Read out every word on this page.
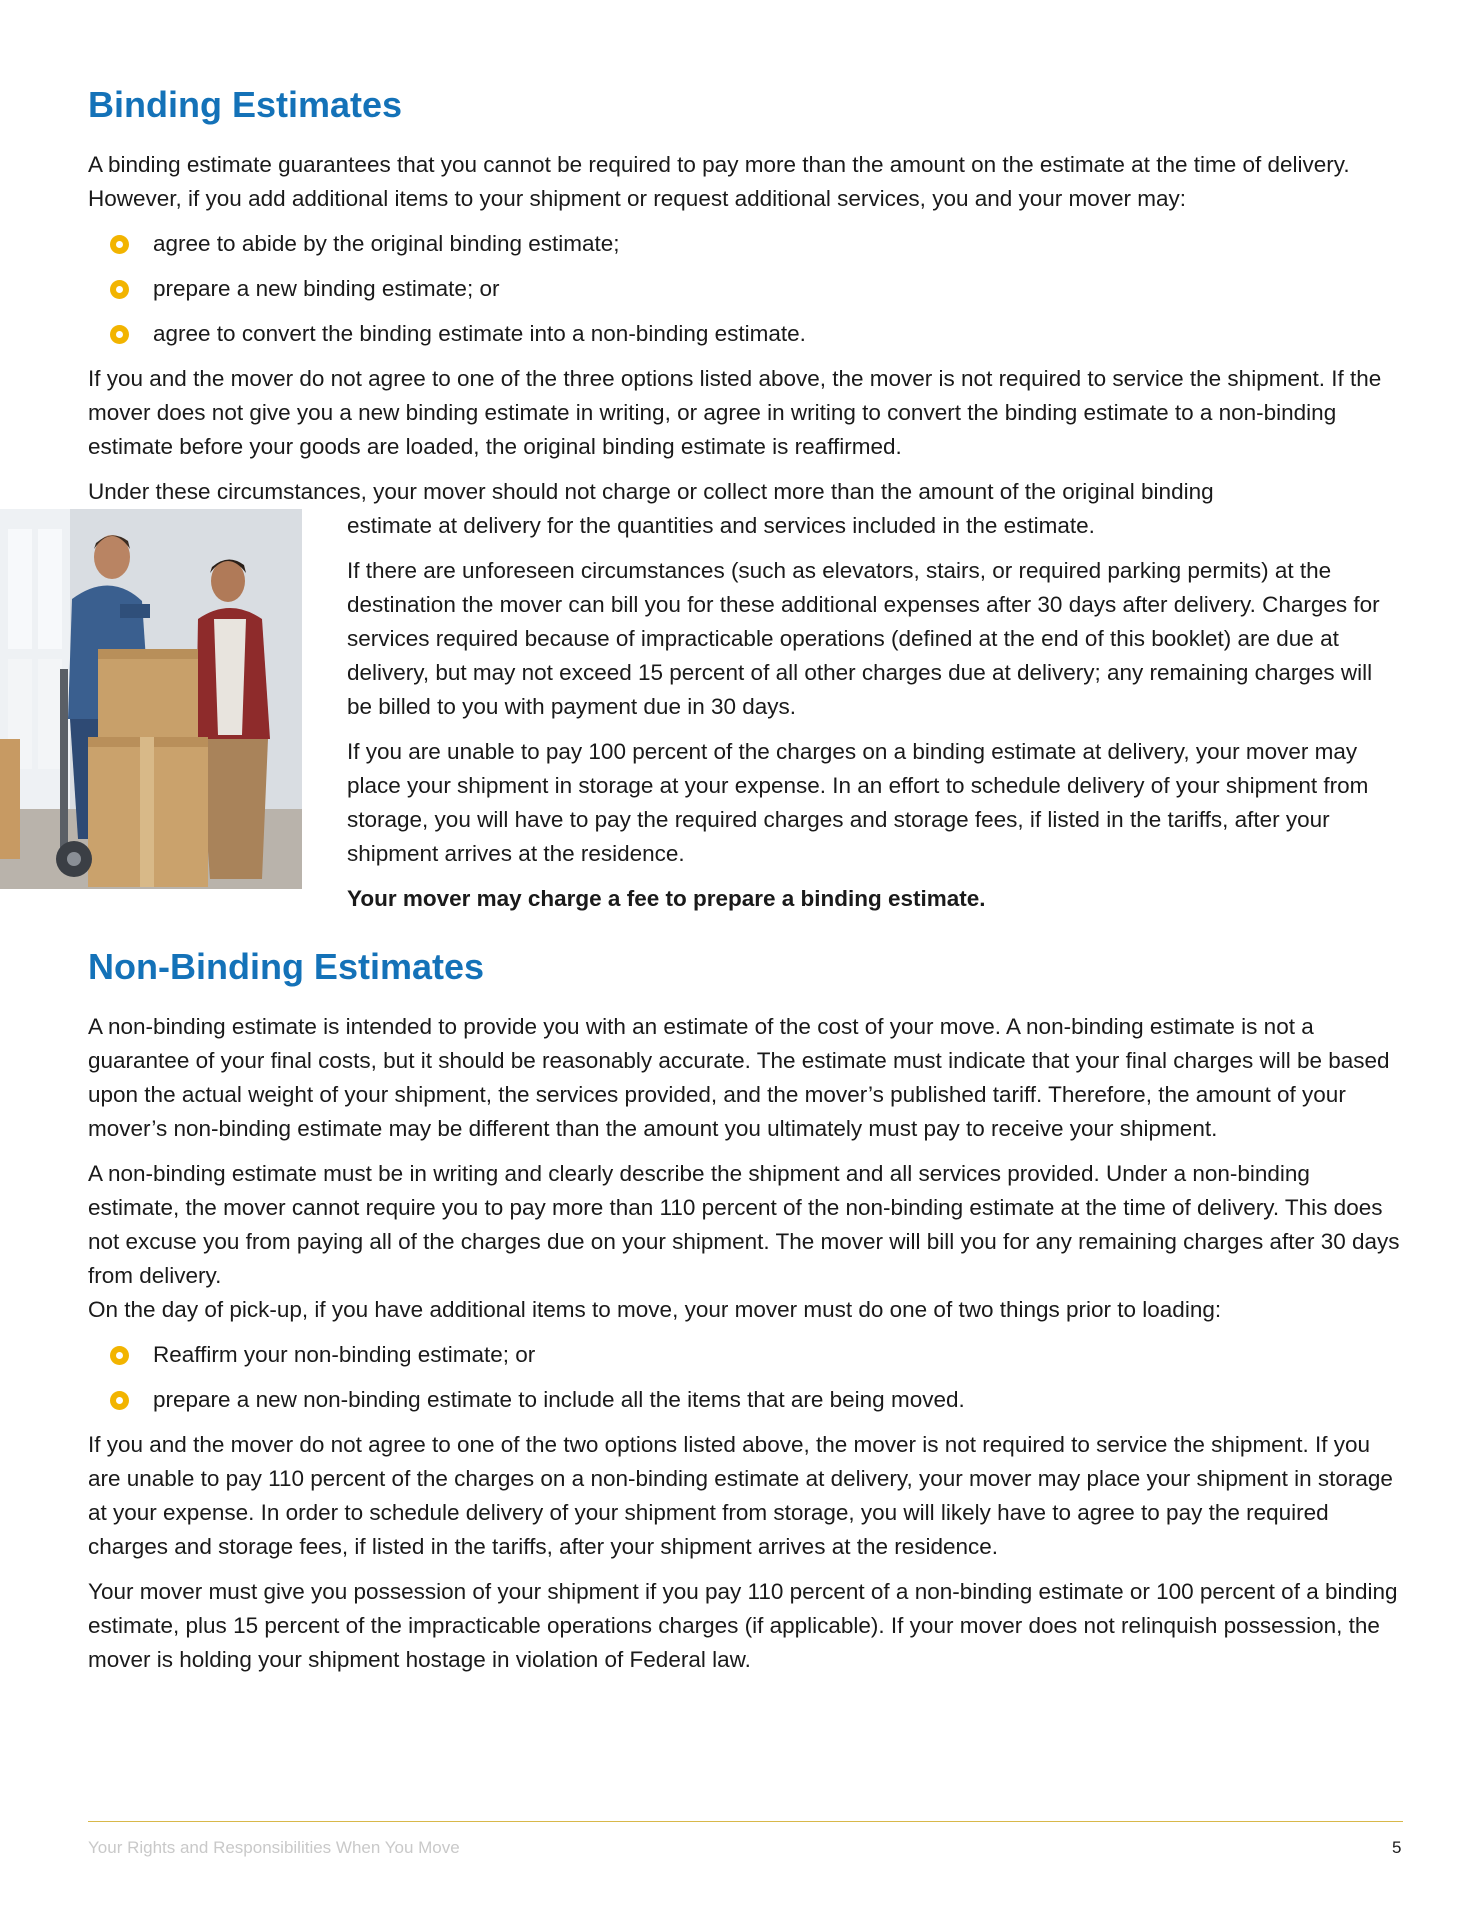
Binding Estimates

A binding estimate guarantees that you cannot be required to pay more than the amount on the estimate at the time of delivery. However, if you add additional items to your shipment or request additional services, you and your mover may:

agree to abide by the original binding estimate;
prepare a new binding estimate; or
agree to convert the binding estimate into a non-binding estimate.

If you and the mover do not agree to one of the three options listed above, the mover is not required to service the shipment. If the mover does not give you a new binding estimate in writing, or agree in writing to convert the binding estimate to a non-binding estimate before your goods are loaded, the original binding estimate is reaffirmed.

Under these circumstances, your mover should not charge or collect more than the amount of the original binding

estimate at delivery for the quantities and services included in the estimate.

If there are unforeseen circumstances (such as elevators, stairs, or required parking permits) at the destination the mover can bill you for these additional expenses after 30 days after delivery. Charges for services required because of impracticable operations (defined at the end of this booklet) are due at delivery, but may not exceed 15 percent of all other charges due at delivery; any remaining charges will be billed to you with payment due in 30 days.

If you are unable to pay 100 percent of the charges on a binding estimate at delivery, your mover may place your shipment in storage at your expense. In an effort to schedule delivery of your shipment from storage, you will have to pay the required charges and storage fees, if listed in the tariffs, after your shipment arrives at the residence.

Your mover may charge a fee to prepare a binding estimate.

Non-Binding Estimates

A non-binding estimate is intended to provide you with an estimate of the cost of your move. A non-binding estimate is not a guarantee of your final costs, but it should be reasonably accurate. The estimate must indicate that your final charges will be based upon the actual weight of your shipment, the services provided, and the mover’s published tariff. Therefore, the amount of your mover’s non-binding estimate may be different than the amount you ultimately must pay to receive your shipment.

A non-binding estimate must be in writing and clearly describe the shipment and all services provided. Under a non-binding estimate, the mover cannot require you to pay more than 110 percent of the non-binding estimate at the time of delivery. This does not excuse you from paying all of the charges due on your shipment. The mover will bill you for any remaining charges after 30 days from delivery.

On the day of pick-up, if you have additional items to move, your mover must do one of two things prior to loading:

Reaffirm your non-binding estimate; or
prepare a new non-binding estimate to include all the items that are being moved.

If you and the mover do not agree to one of the two options listed above, the mover is not required to service the shipment. If you are unable to pay 110 percent of the charges on a non-binding estimate at delivery, your mover may place your shipment in storage at your expense. In order to schedule delivery of your shipment from storage, you will likely have to agree to pay the required charges and storage fees, if listed in the tariffs, after your shipment arrives at the residence.

Your mover must give you possession of your shipment if you pay 110 percent of a non-binding estimate or 100 percent of a binding estimate, plus 15 percent of the impracticable operations charges (if applicable). If your mover does not relinquish possession, the mover is holding your shipment hostage in violation of Federal law.

Your Rights and Responsibilities When You Move	5
